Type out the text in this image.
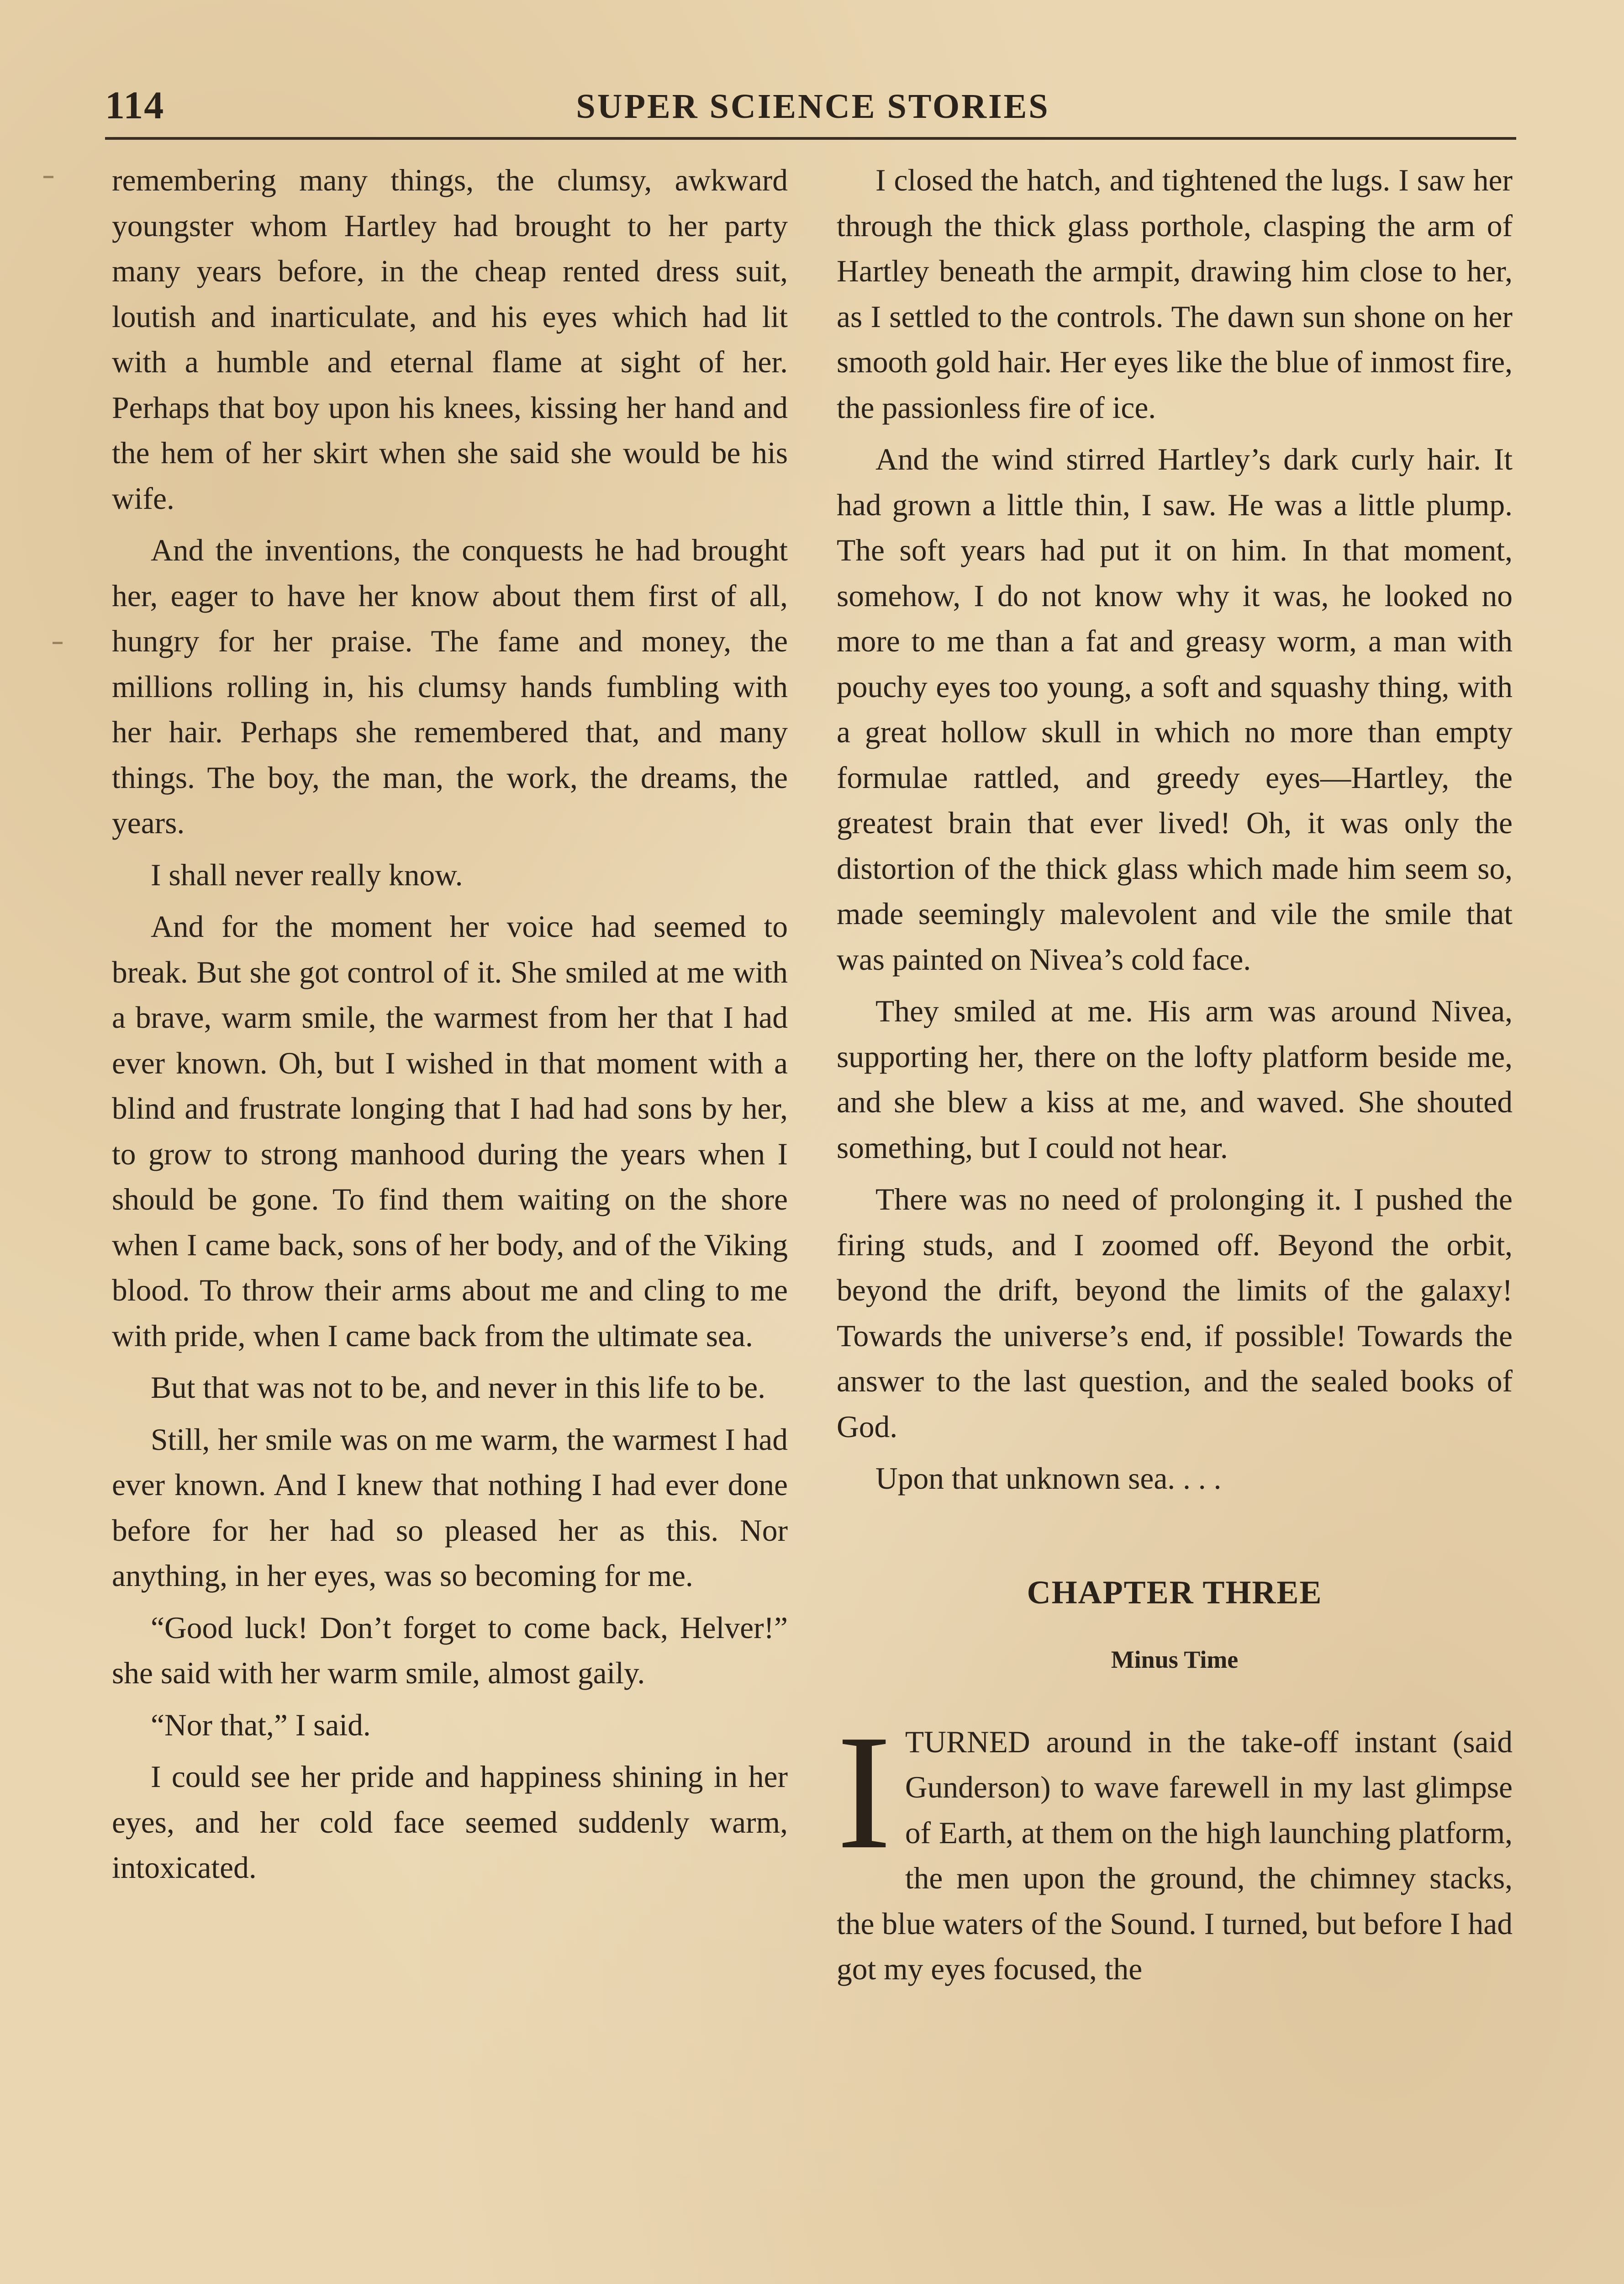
114	SUPER SCIENCE STORIES

remembering many things, the clumsy, awkward youngster whom Hartley had brought to her party many years before, in the cheap rented dress suit, loutish and inarticulate, and his eyes which had lit with a humble and eternal flame at sight of her. Perhaps that boy upon his knees, kissing her hand and the hem of her skirt when she said she would be his wife.

And the inventions, the conquests he had brought her, eager to have her know about them first of all, hungry for her praise. The fame and money, the millions rolling in, his clumsy hands fumbling with her hair. Perhaps she remembered that, and many things. The boy, the man, the work, the dreams, the years.

I shall never really know.

And for the moment her voice had seemed to break. But she got control of it. She smiled at me with a brave, warm smile, the warmest from her that I had ever known. Oh, but I wished in that moment with a blind and frustrate longing that I had had sons by her, to grow to strong manhood during the years when I should be gone. To find them waiting on the shore when I came back, sons of her body, and of the Viking blood. To throw their arms about me and cling to me with pride, when I came back from the ultimate sea.

But that was not to be, and never in this life to be.

Still, her smile was on me warm, the warmest I had ever known. And I knew that nothing I had ever done before for her had so pleased her as this. Nor anything, in her eyes, was so becoming for me.

“Good luck! Don’t forget to come back, Helver!” she said with her warm smile, almost gaily.

“Nor that,” I said.

I could see her pride and happiness shining in her eyes, and her cold face seemed suddenly warm, intoxicated.

I closed the hatch, and tightened the lugs. I saw her through the thick glass porthole, clasping the arm of Hartley beneath the armpit, drawing him close to her, as I settled to the controls. The dawn sun shone on her smooth gold hair. Her eyes like the blue of inmost fire, the passionless fire of ice.

And the wind stirred Hartley’s dark curly hair. It had grown a little thin, I saw. He was a little plump. The soft years had put it on him. In that moment, somehow, I do not know why it was, he looked no more to me than a fat and greasy worm, a man with pouchy eyes too young, a soft and squashy thing, with a great hollow skull in which no more than empty formulae rattled, and greedy eyes—Hartley, the greatest brain that ever lived! Oh, it was only the distortion of the thick glass which made him seem so, made seemingly malevolent and vile the smile that was painted on Nivea’s cold face.

They smiled at me. His arm was around Nivea, supporting her, there on the lofty platform beside me, and she blew a kiss at me, and waved. She shouted something, but I could not hear.

There was no need of prolonging it. I pushed the firing studs, and I zoomed off. Beyond the orbit, beyond the drift, beyond the limits of the galaxy! Towards the universe’s end, if possible! Towards the answer to the last question, and the sealed books of God.

Upon that unknown sea. . . .

CHAPTER THREE
Minus Time

ITURNED around in the take-off instant (said Gunderson) to wave farewell in my last glimpse of Earth, at them on the high launching platform, the men upon the ground, the chimney stacks, the blue waters of the Sound. I turned, but before I had got my eyes focused, the
